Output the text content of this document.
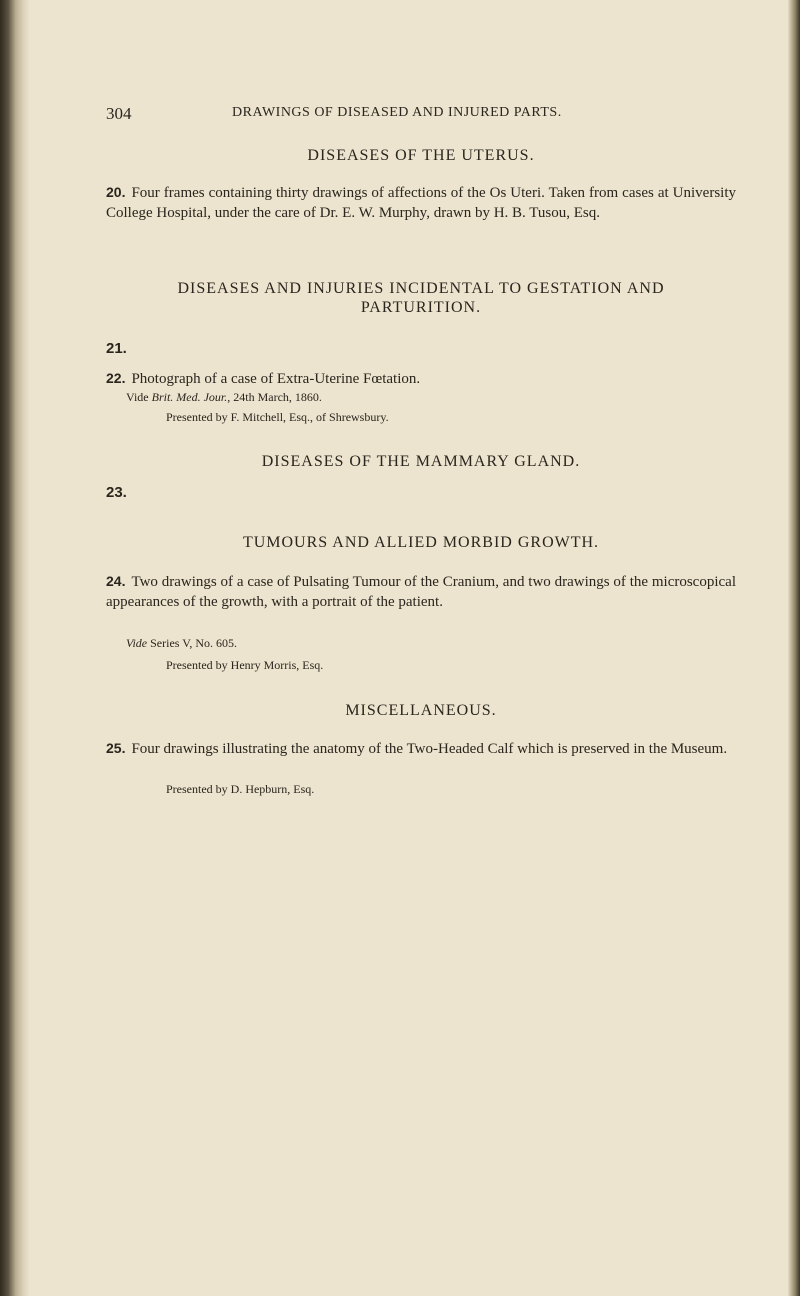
304	DRAWINGS OF DISEASED AND INJURED PARTS.
DISEASES OF THE UTERUS.
20. Four frames containing thirty drawings of affections of the Os Uteri. Taken from cases at University College Hospital, under the care of Dr. E. W. Murphy, drawn by H. B. Tusou, Esq.
DISEASES AND INJURIES INCIDENTAL TO GESTATION AND
PARTURITION.
21.
22. Photograph of a case of Extra-Uterine Fœtation.
Vide Brit. Med. Jour., 24th March, 1860.
Presented by F. Mitchell, Esq., of Shrewsbury.
DISEASES OF THE MAMMARY GLAND.
23.
TUMOURS AND ALLIED MORBID GROWTH.
24. Two drawings of a case of Pulsating Tumour of the Cranium, and two drawings of the microscopical appearances of the growth, with a portrait of the patient.
Vide Series V, No. 605.
Presented by Henry Morris, Esq.
MISCELLANEOUS.
25. Four drawings illustrating the anatomy of the Two-Headed Calf which is preserved in the Museum.
Presented by D. Hepburn, Esq.
